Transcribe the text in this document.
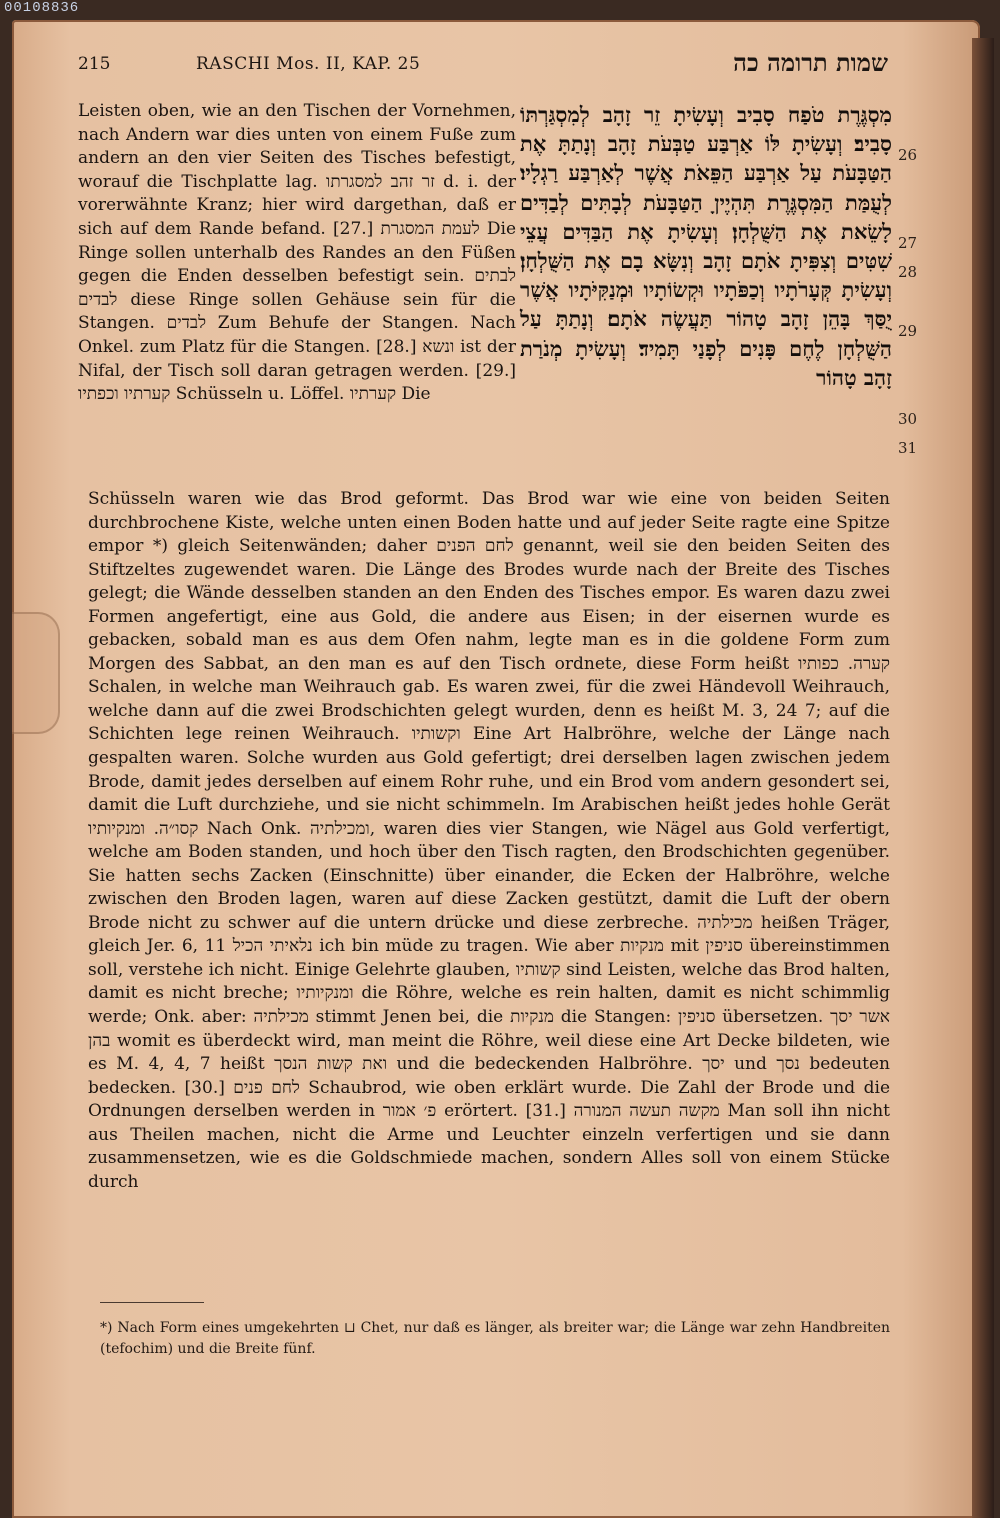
00108836
215	RASCHI Mos. II, KAP. 25	שמות תרומה כה
Leisten oben, wie an den Tischen der Vornehmen, nach Andern war dies unten von einem Fuße zum andern an den vier Seiten des Tisches befestigt, worauf die Tischplatte lag. זר זהב למסגרתו d. i. der vorerwähnte Kranz; hier wird dargethan, daß er sich auf dem Rande befand. [27.] לעמת המסגרת Die Ringe sollen unterhalb des Randes an den Füßen gegen die Enden desselben befestigt sein. לבתים לבדים diese Ringe sollen Gehäuse sein für die Stangen. לבדים Zum Behufe der Stangen. Nach Onkel. zum Platz für die Stangen. [28.] ונשא ist der Nifal, der Tisch soll daran getragen werden. [29.] קערתיו וכפתיו Schüsseln u. Löffel. קערתיו Die
מִסְגֶּרֶת טֹפַח סָבִיב וְעָשִׂיתָ זֵר זָהָב לְמִסְגַּרְתּוֹ סָבִיב׃ וְעָשִׂיתָ לּוֹ אַרְבַּע טַבְּעֹת זָהָב וְנָתַתָּ אֶת הַטַּבָּעֹת עַל אַרְבַּע הַפֵּאֹת אֲשֶׁר לְאַרְבַּע רַגְלָיו׃ לְעֻמַּת הַמִּסְגֶּרֶת תִּהְיֶיןָ הַטַּבָּעֹת לְבָתִּים לְבַדִּים לָשֵׂאת אֶת הַשֻּׁלְחָן׃ וְעָשִׂיתָ אֶת הַבַּדִּים עֲצֵי שִׁטִּים וְצִפִּיתָ אֹתָם זָהָב וְנִשָּׂא בָם אֶת הַשֻּׁלְחָן׃ וְעָשִׂיתָ קְּעָרֹתָיו וְכַפֹּתָיו וּקְשׂוֹתָיו וּמְנַקִּיֹּתָיו אֲשֶׁר יֻסַּךְ בָּהֵן זָהָב טָהוֹר תַּעֲשֶׂה אֹתָם׃ וְנָתַתָּ עַל הַשֻּׁלְחָן לֶחֶם פָּנִים לְפָנַי תָּמִיד׃ וְעָשִׂיתָ מְנֹרַת זָהָב טָהוֹר
26
27
28
29
30
31
Schüsseln waren wie das Brod geformt. Das Brod war wie eine von beiden Seiten durchbrochene Kiste, welche unten einen Boden hatte und auf jeder Seite ragte eine Spitze empor *) gleich Seitenwänden; daher לחם הפנים genannt, weil sie den beiden Seiten des Stiftzeltes zugewendet waren. Die Länge des Brodes wurde nach der Breite des Tisches gelegt; die Wände desselben standen an den Enden des Tisches empor. Es waren dazu zwei Formen angefertigt, eine aus Gold, die andere aus Eisen; in der eisernen wurde es gebacken, sobald man es aus dem Ofen nahm, legte man es in die goldene Form zum Morgen des Sabbat, an den man es auf den Tisch ordnete, diese Form heißt קערה. כפותיו Schalen, in welche man Weihrauch gab. Es waren zwei, für die zwei Händevoll Weihrauch, welche dann auf die zwei Brodschichten gelegt wurden, denn es heißt M. 3, 24 7; auf die Schichten lege reinen Weihrauch. וקשותיו Eine Art Halbröhre, welche der Länge nach gespalten waren. Solche wurden aus Gold gefertigt; drei derselben lagen zwischen jedem Brode, damit jedes derselben auf einem Rohr ruhe, und ein Brod vom andern gesondert sei, damit die Luft durchziehe, und sie nicht schimmeln. Im Arabischen heißt jedes hohle Gerät קסו״ה. ומנקיותיו Nach Onk. ומכילתיה, waren dies vier Stangen, wie Nägel aus Gold verfertigt, welche am Boden standen, und hoch über den Tisch ragten, den Brodschichten gegenüber. Sie hatten sechs Zacken (Einschnitte) über einander, die Ecken der Halbröhre, welche zwischen den Broden lagen, waren auf diese Zacken gestützt, damit die Luft der obern Brode nicht zu schwer auf die untern drücke und diese zerbreche. מכילתיה heißen Träger, gleich Jer. 6, 11 נלאיתי הכיל ich bin müde zu tragen. Wie aber מנקיות mit סניפין übereinstimmen soll, verstehe ich nicht. Einige Gelehrte glauben, קשותיו sind Leisten, welche das Brod halten, damit es nicht breche; ומנקיותיו die Röhre, welche es rein halten, damit es nicht schimmlig werde; Onk. aber: מכילתיה stimmt Jenen bei, die מנקיות die Stangen: סניפין übersetzen. אשר יסך בהן womit es überdeckt wird, man meint die Röhre, weil diese eine Art Decke bildeten, wie es M. 4, 4, 7 heißt ואת קשות הנסך und die bedeckenden Halbröhre. יסך und נסך bedeuten bedecken. [30.] לחם פנים Schaubrod, wie oben erklärt wurde. Die Zahl der Brode und die Ordnungen derselben werden in פ׳ אמור erörtert. [31.] מקשה תעשה המנורה Man soll ihn nicht aus Theilen machen, nicht die Arme und Leuchter einzeln verfertigen und sie dann zusammensetzen, wie es die Goldschmiede machen, sondern Alles soll von einem Stücke durch
*) Nach Form eines umgekehrten ⊔ Chet, nur daß es länger, als breiter war; die Länge war zehn Handbreiten (tefochim) und die Breite fünf.
